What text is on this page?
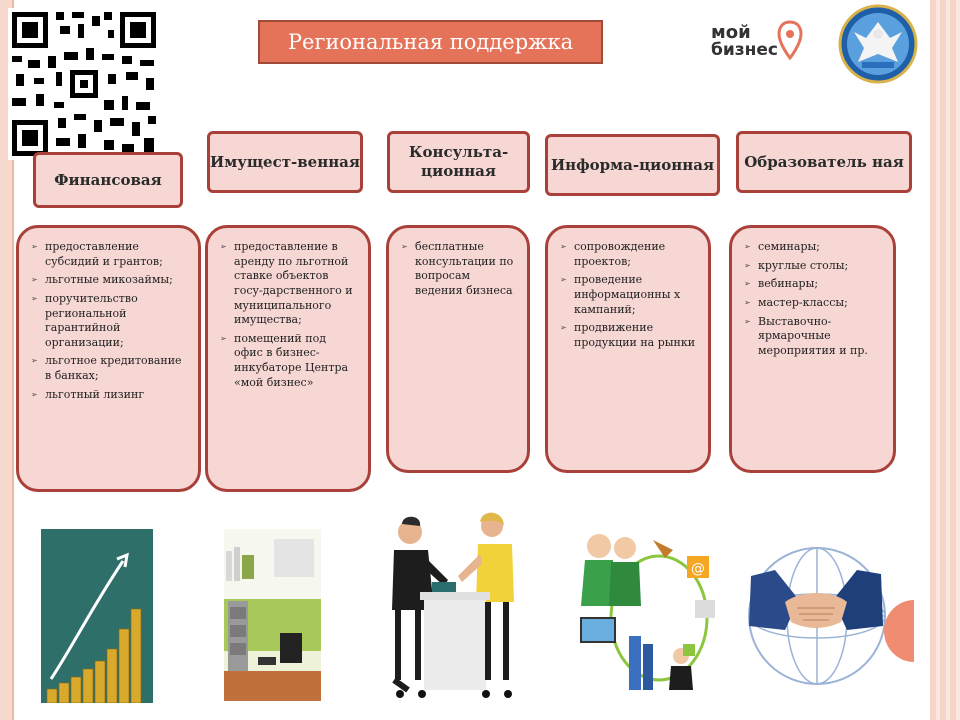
Региональная поддержка	мой
бизнес
Финансовая
Имущест-венная
Консульта-ционная	Информа-ционная	Образователь ная
➢ предоставление субсидий и грантов;
➢ льготные микозаймы;
➢ поручительство региональной гарантийной организации;
➢ льготное кредитование в банках;
➢ льготный лизинг
➢ предоставление в аренду по льготной ставке объектов госу-дарственного и муниципального имущества;
➢ помещений под офис в бизнес-инкубаторе Центра «мой бизнес»
➢ бесплатные консультации по вопросам ведения бизнеса
➢ сопровождение проектов;
➢ проведение информационны х кампаний;
➢ продвижение продукции на рынки
➢ семинары;
➢ круглые столы;
➢ вебинары;
➢ мастер-классы;
➢ Выставочно-ярмарочные мероприятия и пр.
@
